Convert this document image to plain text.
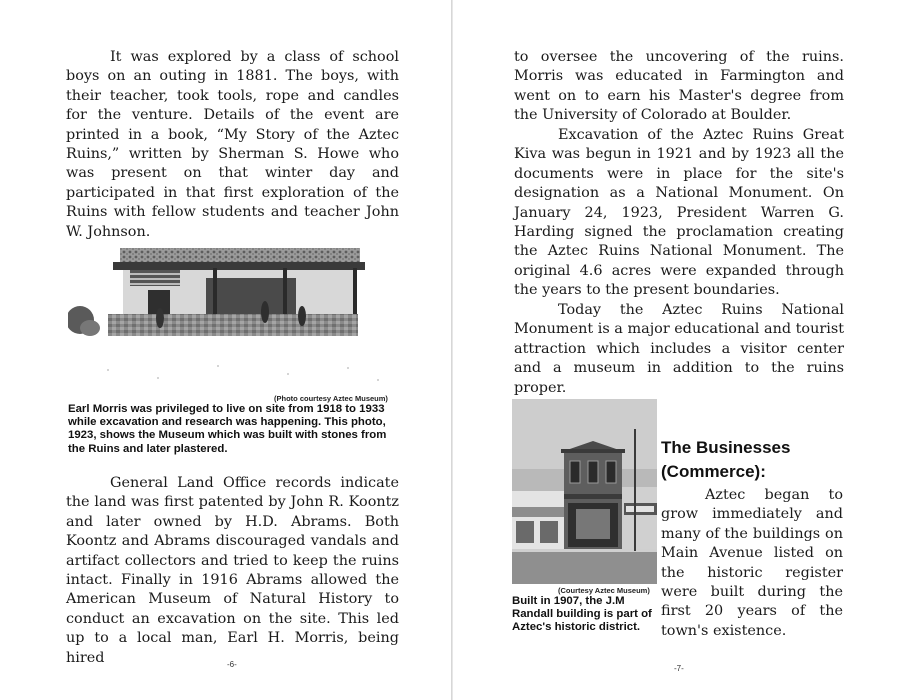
It was explored by a class of school boys on an outing in 1881. The boys, with their teacher, took tools, rope and candles for the venture. Details of the event are printed in a book, “My Story of the Aztec Ruins,” written by Sherman S. Howe who was present on that winter day and participated in that first exploration of the Ruins with fellow students and teacher John W. Johnson.

(Photo courtesy Aztec Museum)

Earl Morris was privileged to live on site from 1918 to 1933 while excavation and research was happening. This photo, 1923, shows the Museum which was built with stones from the Ruins and later plastered.

General Land Office records indicate the land was first patented by John R. Koontz and later owned by H.D. Abrams. Both Koontz and Abrams discouraged vandals and artifact collectors and tried to keep the ruins intact. Finally in 1916 Abrams allowed the American Museum of Natural History to conduct an excavation on the site. This led up to a local man, Earl H. Morris, being hired	-6-

to oversee the uncovering of the ruins. Morris was educated in Farmington and went on to earn his Master's degree from the University of Colorado at Boulder.

Excavation of the Aztec Ruins Great Kiva was begun in 1921 and by 1923 all the documents were in place for the site's designation as a National Monument. On January 24, 1923, President Warren G. Harding signed the proclamation creating the Aztec Ruins National Monument. The original 4.6 acres were expanded through the years to the present boundaries.

Today the Aztec Ruins National Monument is a major educational and tourist attraction which includes a visitor center and a museum in addition to the ruins proper.

(Courtesy Aztec Museum)

Built in 1907, the J.M Randall building is part of Aztec's historic district.

The Businesses (Commerce):

Aztec began to grow immediately and many of the buildings on Main Avenue listed on the historic register were built during the first 20 years of the town's existence.

-7-
